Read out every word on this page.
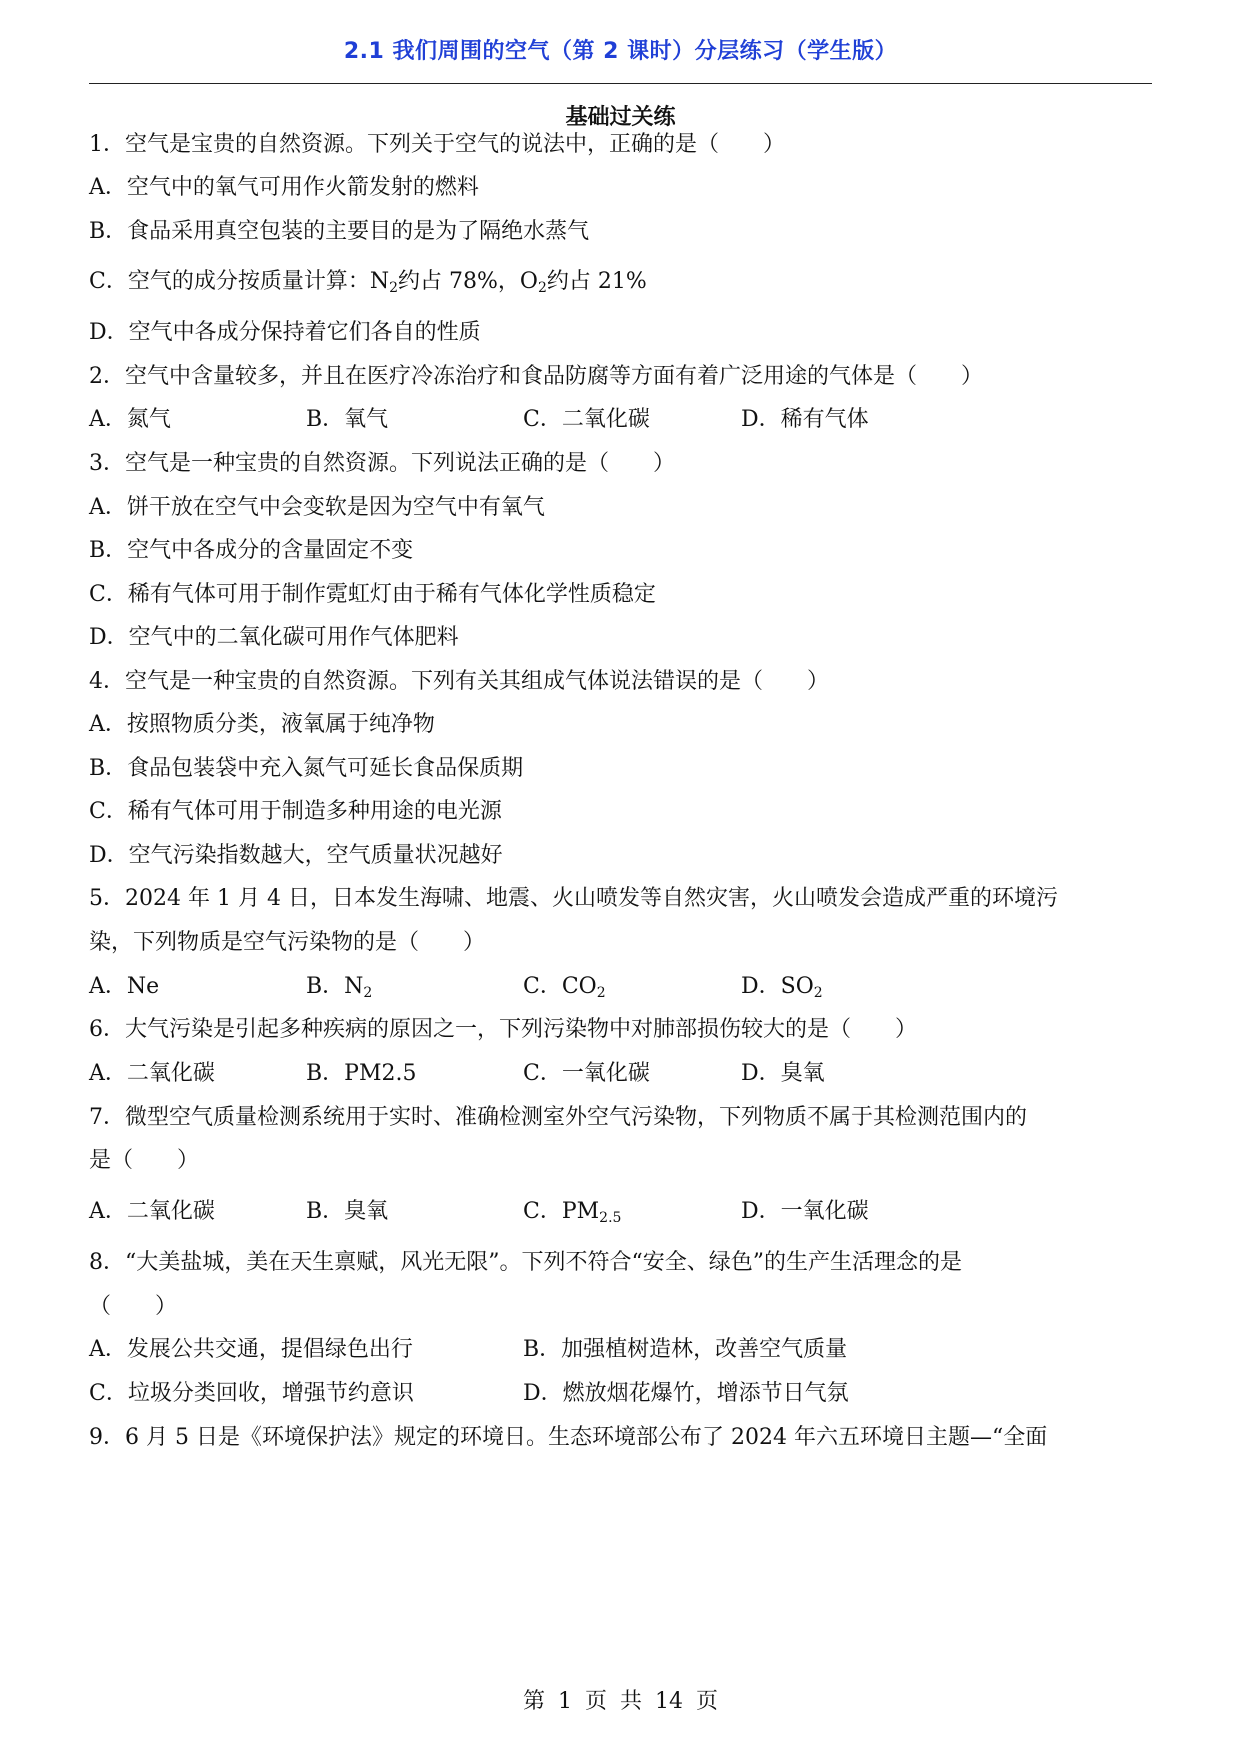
2.1 我们周围的空气（第 2 课时）分层练习（学生版）
基础过关练
1．空气是宝贵的自然资源。下列关于空气的说法中，正确的是（　　）
A．空气中的氧气可用作火箭发射的燃料
B．食品采用真空包装的主要目的是为了隔绝水蒸气
C．空气的成分按质量计算：$N_2$约占 78%，$O_2$约占 21%
D．空气中各成分保持着它们各自的性质
2．空气中含量较多，并且在医疗冷冻治疗和食品防腐等方面有着广泛用途的气体是（　　）
A．氮气	B．氧气	C．二氧化碳	D．稀有气体
3．空气是一种宝贵的自然资源。下列说法正确的是（　　）
A．饼干放在空气中会变软是因为空气中有氧气
B．空气中各成分的含量固定不变
C．稀有气体可用于制作霓虹灯由于稀有气体化学性质稳定
D．空气中的二氧化碳可用作气体肥料
4．空气是一种宝贵的自然资源。下列有关其组成气体说法错误的是（　　）
A．按照物质分类，液氧属于纯净物
B．食品包装袋中充入氮气可延长食品保质期
C．稀有气体可用于制造多种用途的电光源
D．空气污染指数越大，空气质量状况越好
5．2024 年 1 月 4 日，日本发生海啸、地震、火山喷发等自然灾害，火山喷发会造成严重的环境污
染，下列物质是空气污染物的是（　　）
A．Ne	B．$N_2$	C．$CO_2$	D．$SO_2$
6．大气污染是引起多种疾病的原因之一，下列污染物中对肺部损伤较大的是（　　）
A．二氧化碳	B．PM2.5	C．一氧化碳	D．臭氧
7．微型空气质量检测系统用于实时、准确检测室外空气污染物，下列物质不属于其检测范围内的
是（　　）
A．二氧化碳	B．臭氧	C．$PM_{2.5}$	D．一氧化碳
8．“大美盐城，美在天生禀赋，风光无限”。下列不符合“安全、绿色”的生产生活理念的是
（　　）
A．发展公共交通，提倡绿色出行	B．加强植树造林，改善空气质量
C．垃圾分类回收，增强节约意识	D．燃放烟花爆竹，增添节日气氛
9．6 月 5 日是《环境保护法》规定的环境日。生态环境部公布了 2024 年六五环境日主题—“全面
第 1 页 共 14 页
